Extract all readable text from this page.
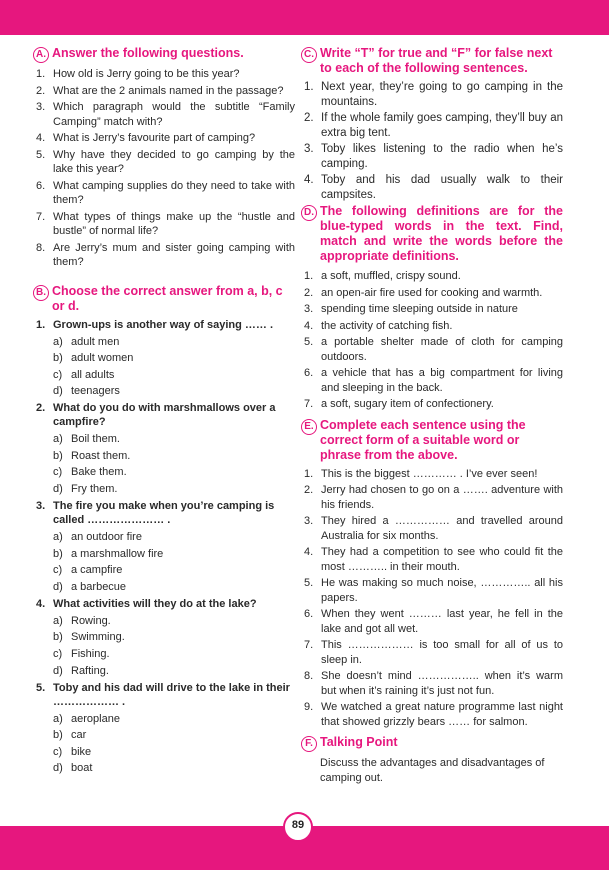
A. Answer the following questions.
1. How old is Jerry going to be this year?
2. What are the 2 animals named in the passage?
3. Which paragraph would the subtitle “Family Camping” match with?
4. What is Jerry’s favourite part of camping?
5. Why have they decided to go camping by the lake this year?
6. What camping supplies do they need to take with them?
7. What types of things make up the “hustle and bustle” of normal life?
8. Are Jerry’s mum and sister going camping with them?
B. Choose the correct answer from a, b, c or d.
1. Grown-ups is another way of saying …… .
a) adult men
b) adult women
c) all adults
d) teenagers
2. What do you do with marshmallows over a campfire?
a) Boil them.
b) Roast them.
c) Bake them.
d) Fry them.
3. The fire you make when you’re camping is called ………………… .
a) an outdoor fire
b) a marshmallow fire
c) a campfire
d) a barbecue
4. What activities will they do at the lake?
a) Rowing.
b) Swimming.
c) Fishing.
d) Rafting.
5. Toby and his dad will drive to the lake in their ……………… .
a) aeroplane
b) car
c) bike
d) boat
C. Write “T” for true and “F” for false next to each of the following sentences.
1. Next year, they’re going to go camping in the mountains.
2. If the whole family goes camping, they’ll buy an extra big tent.
3. Toby likes listening to the radio when he’s camping.
4. Toby and his dad usually walk to their campsites.
D. The following definitions are for the blue-typed words in the text. Find, match and write the words before the appropriate definitions.
1. a soft, muffled, crispy sound.
2. an open-air fire used for cooking and warmth.
3. spending time sleeping outside in nature
4. the activity of catching fish.
5. a portable shelter made of cloth for camping outdoors.
6. a vehicle that has a big compartment for living and sleeping in the back.
7. a soft, sugary item of confectionery.
E. Complete each sentence using the correct form of a suitable word or phrase from the above.
1. This is the biggest ………… . I’ve ever seen!
2. Jerry had chosen to go on a ……. adventure with his friends.
3. They hired a …………… and travelled around Australia for six months.
4. They had a competition to see who could fit the most ……….. in their mouth.
5. He was making so much noise, ………….. all his papers.
6. When they went ……… last year, he fell in the lake and got all wet.
7. This ……………… is too small for all of us to sleep in.
8. She doesn’t mind …………….. when it’s warm but when it’s raining it’s just not fun.
9. We watched a great nature programme last night that showed grizzly bears …… for salmon.
F. Talking Point
Discuss the advantages and disadvantages of camping out.
89
